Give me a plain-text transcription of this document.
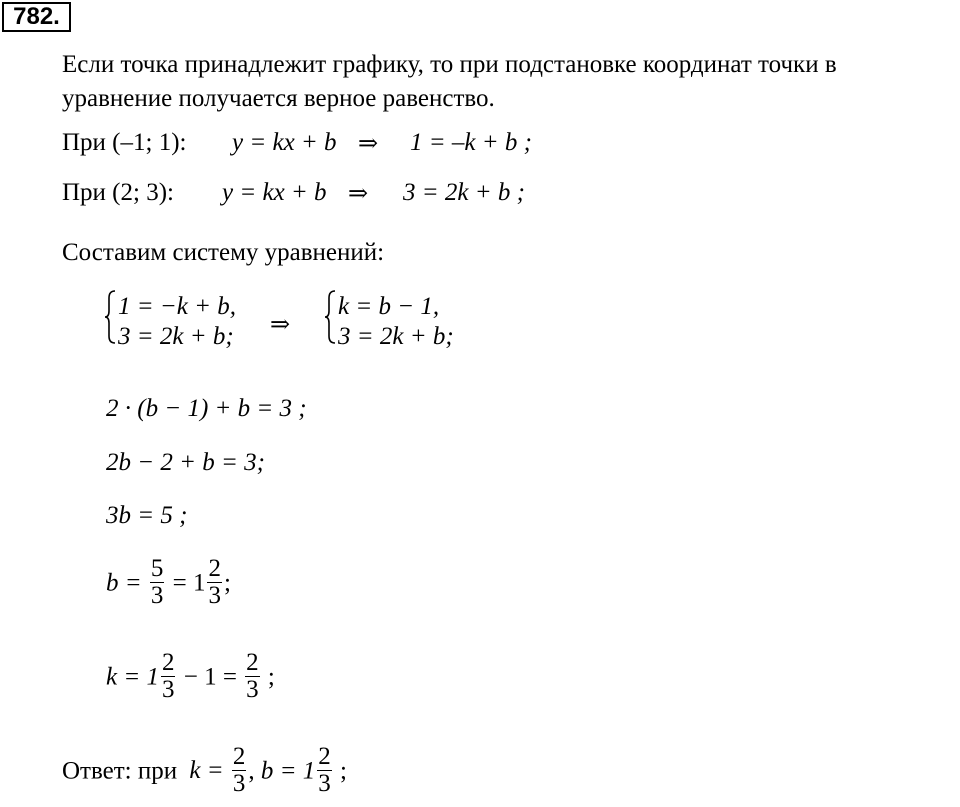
782.
Если точка принадлежит графику, то при подстановке координат точки в
уравнение получается верное равенство.
При (–1; 1): y = kx + b ⇒ 1 = –k + b ;
При (2; 3): y = kx + b ⇒ 3 = 2k + b ;
Составим систему уравнений:
1 = −k + b,
3 = 2k + b; ⇒
k = b − 1,
3 = 2k + b;
2 · (b − 1) + b = 3 ;
2b − 2 + b = 3;
3b = 5 ;
$b = \frac{5}{3} = 1 \frac{2}{3}$ ;
$k = 1 \frac{2}{3} - 1 = \frac{2}{3}$ ;
Ответ: при $k = \frac{2}{3}$ , $b = 1 \frac{2}{3}$ ;
